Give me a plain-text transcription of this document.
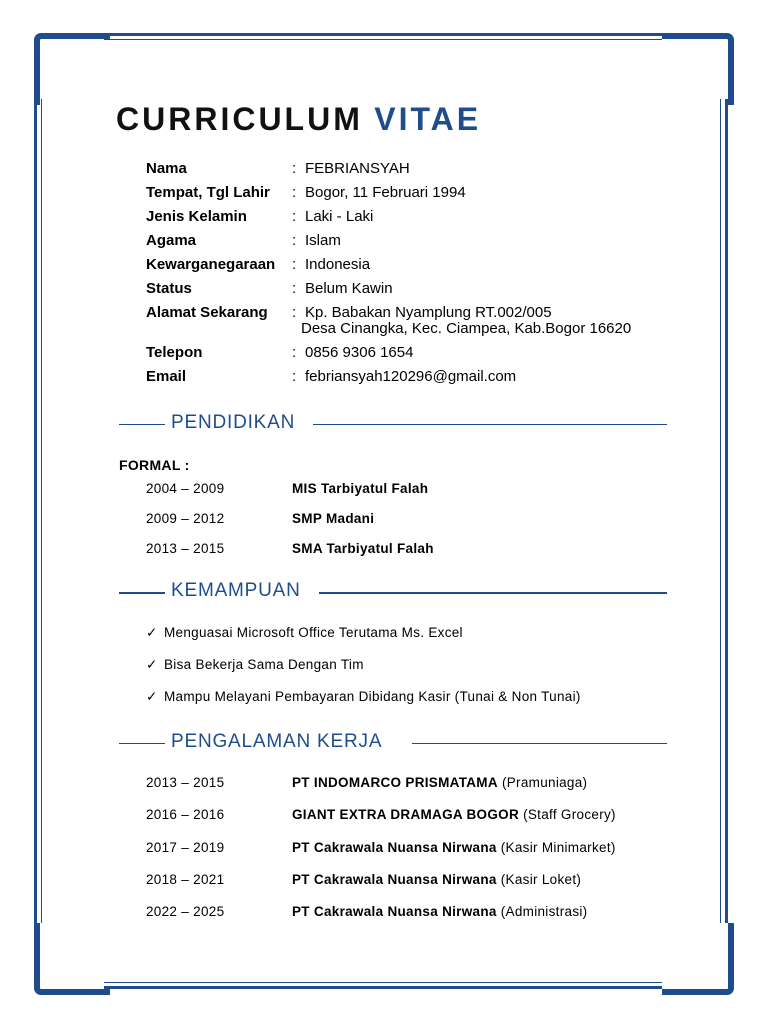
CURRICULUM VITAE
Nama	: FEBRIANSYAH
Tempat, Tgl Lahir : Bogor, 11 Februari 1994
Jenis Kelamin	: Laki - Laki
Agama	: Islam
Kewarganegaraan : Indonesia
Status	: Belum Kawin
Alamat Sekarang : Kp. Babakan Nyamplung RT.002/005
Desa Cinangka, Kec. Ciampea, Kab.Bogor 16620
Telepon	: 0856 9306 1654
Email	: febriansyah120296@gmail.com
PENDIDIKAN
FORMAL :
2004 – 2009	MIS Tarbiyatul Falah
2009 – 2012	SMP Madani
2013 – 2015	SMA Tarbiyatul Falah
KEMAMPUAN
✓ Menguasai Microsoft Office Terutama Ms. Excel
✓ Bisa Bekerja Sama Dengan Tim
✓ Mampu Melayani Pembayaran Dibidang Kasir (Tunai & Non Tunai)
PENGALAMAN KERJA
2013 – 2015	PT INDOMARCO PRISMATAMA (Pramuniaga)
2016 – 2016	GIANT EXTRA DRAMAGA BOGOR (Staff Grocery)
2017 – 2019	PT Cakrawala Nuansa Nirwana (Kasir Minimarket)
2018 – 2021	PT Cakrawala Nuansa Nirwana (Kasir Loket)
2022 – 2025	PT Cakrawala Nuansa Nirwana (Administrasi)
